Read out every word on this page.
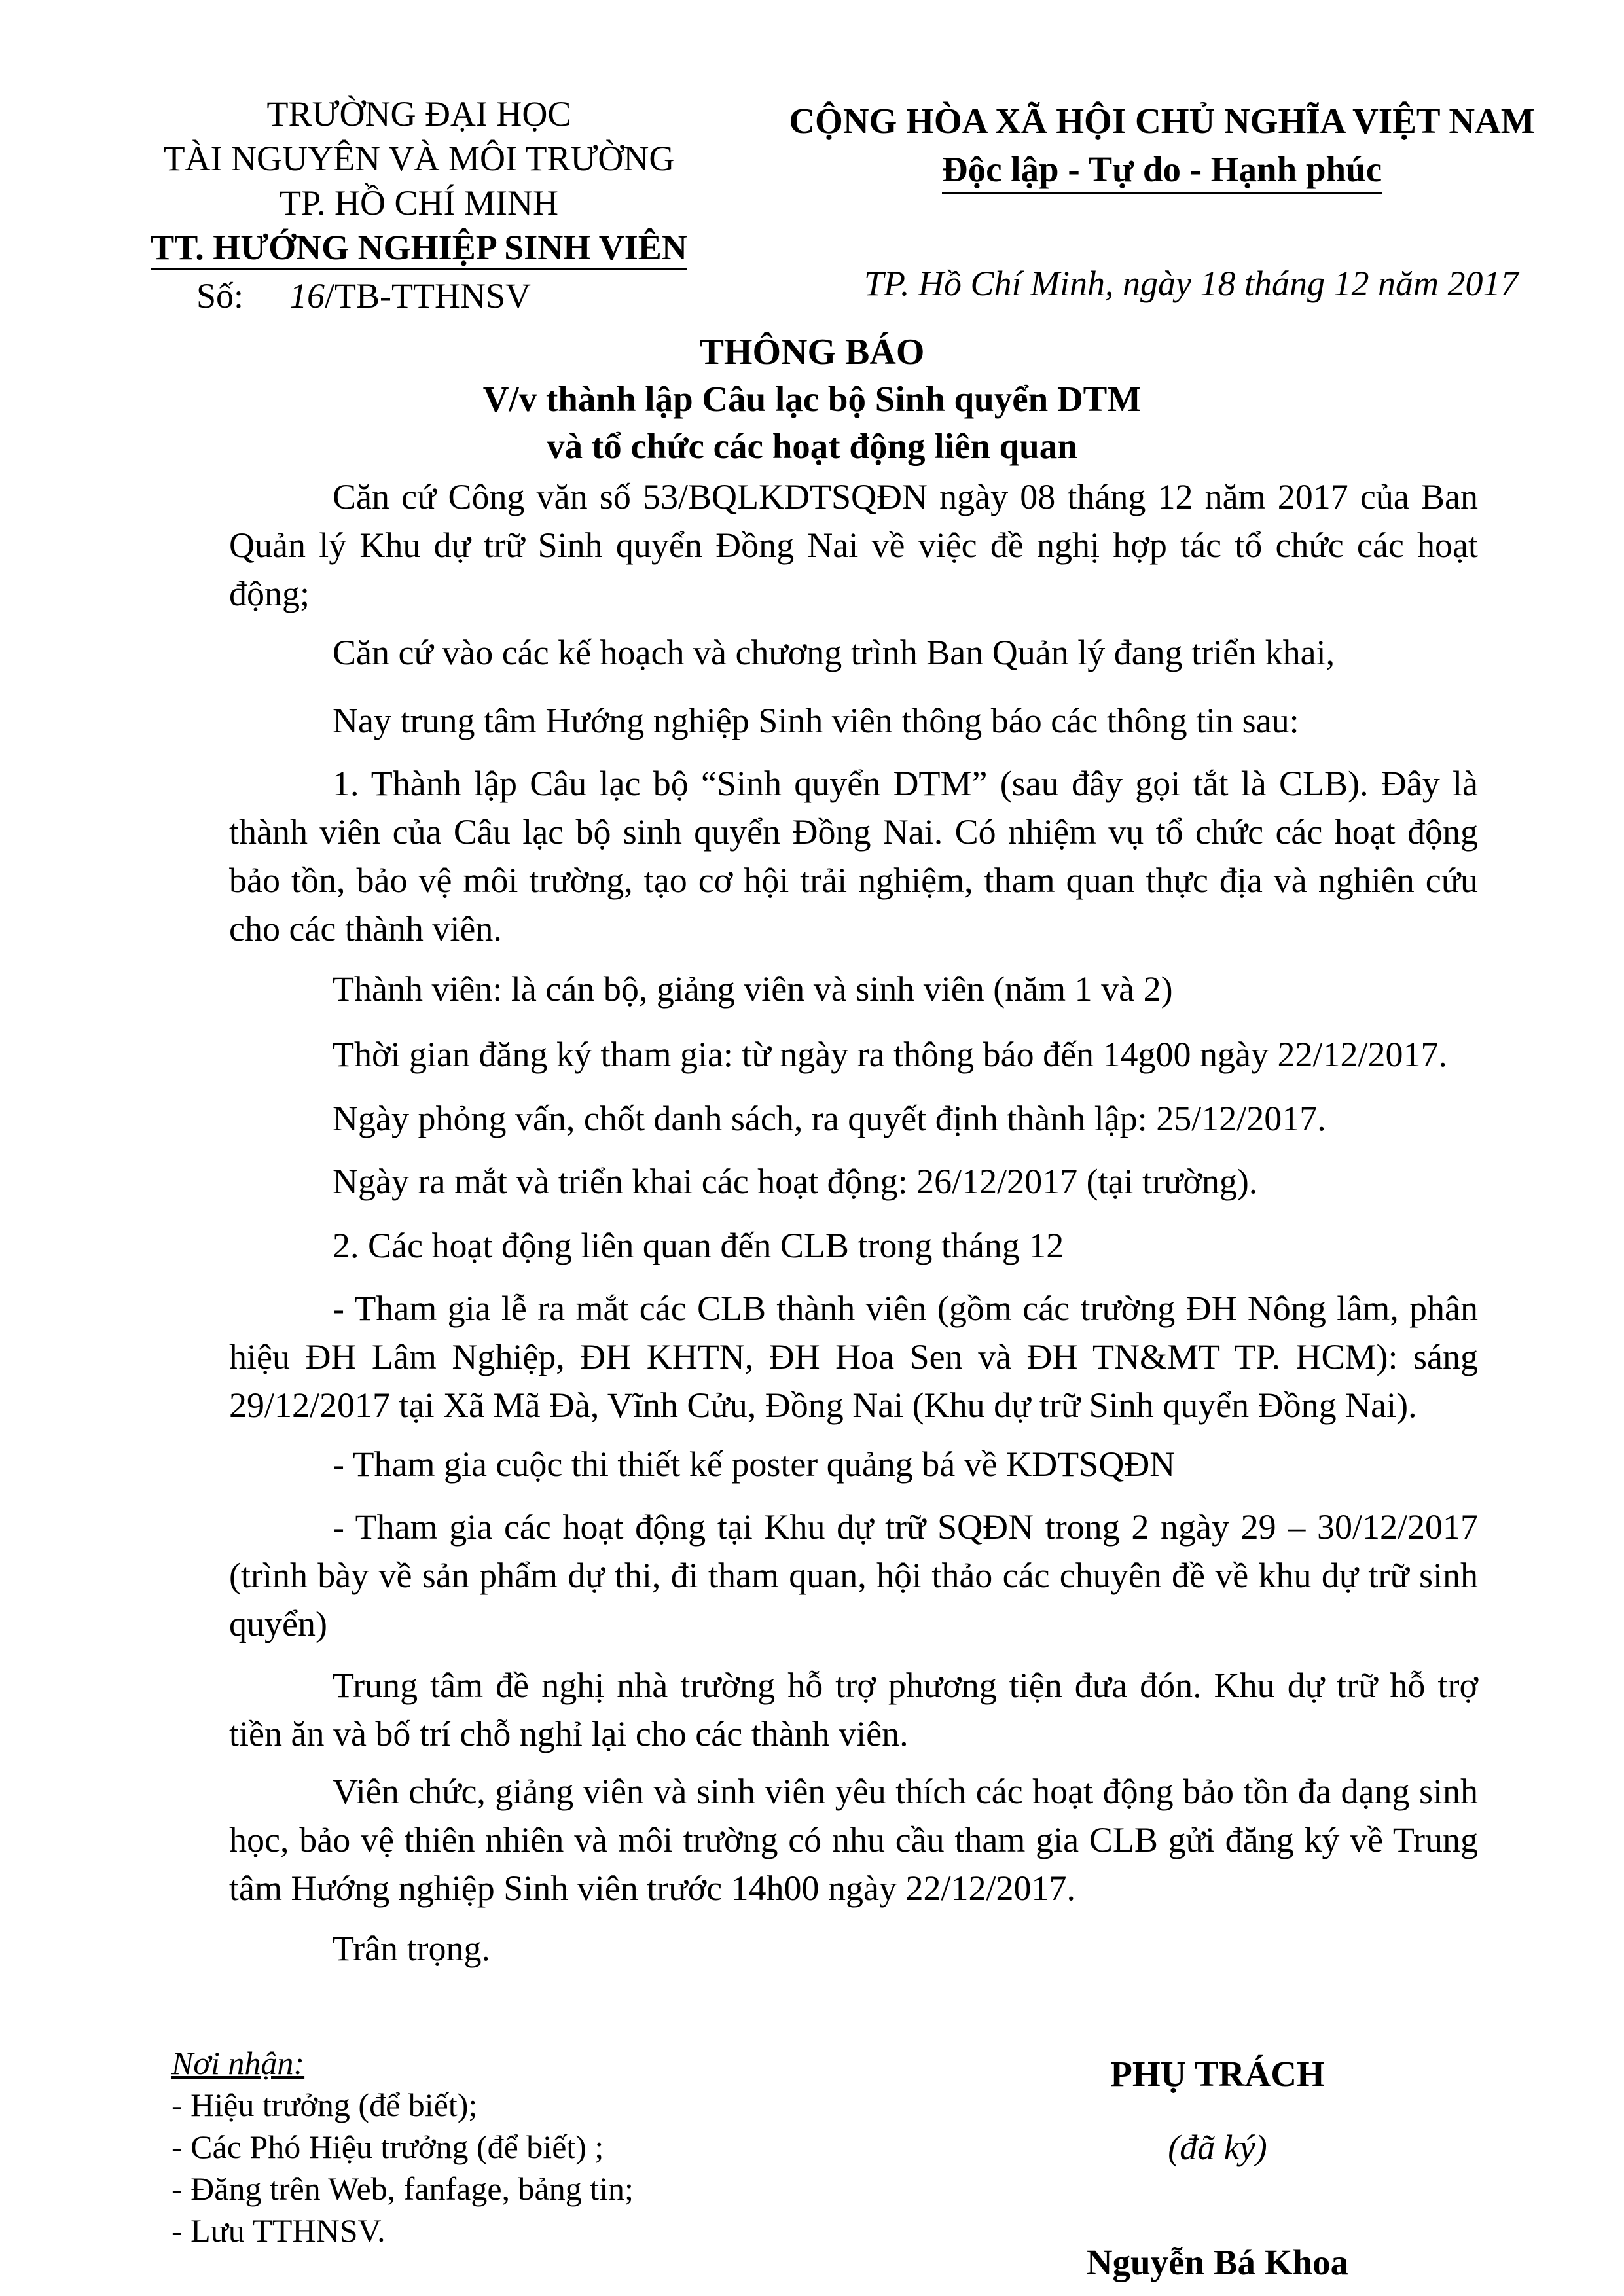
TRƯỜNG ĐẠI HỌC
TÀI NGUYÊN VÀ MÔI TRƯỜNG
TP. HỒ CHÍ MINH
TT. HƯỚNG NGHIỆP SINH VIÊN
Số: 16/TB-TTHNSV
CỘNG HÒA XÃ HỘI CHỦ NGHĨA VIỆT NAM
Độc lập - Tự do - Hạnh phúc
TP. Hồ Chí Minh, ngày 18 tháng 12 năm 2017
THÔNG BÁO
V/v thành lập Câu lạc bộ Sinh quyển DTM
và tổ chức các hoạt động liên quan
Căn cứ Công văn số 53/BQLKDTSQĐN ngày 08 tháng 12 năm 2017 của Ban Quản lý Khu dự trữ Sinh quyển Đồng Nai về việc đề nghị hợp tác tổ chức các hoạt động;
Căn cứ vào các kế hoạch và chương trình Ban Quản lý đang triển khai,
Nay trung tâm Hướng nghiệp Sinh viên thông báo các thông tin sau:
1. Thành lập Câu lạc bộ “Sinh quyển DTM” (sau đây gọi tắt là CLB). Đây là thành viên của Câu lạc bộ sinh quyển Đồng Nai. Có nhiệm vụ tổ chức các hoạt động bảo tồn, bảo vệ môi trường, tạo cơ hội trải nghiệm, tham quan thực địa và nghiên cứu cho các thành viên.
Thành viên: là cán bộ, giảng viên và sinh viên (năm 1 và 2)
Thời gian đăng ký tham gia: từ ngày ra thông báo đến 14g00 ngày 22/12/2017.
Ngày phỏng vấn, chốt danh sách, ra quyết định thành lập: 25/12/2017.
Ngày ra mắt và triển khai các hoạt động: 26/12/2017 (tại trường).
2. Các hoạt động liên quan đến CLB trong tháng 12
- Tham gia lễ ra mắt các CLB thành viên (gồm các trường ĐH Nông lâm, phân hiệu ĐH Lâm Nghiệp, ĐH KHTN, ĐH Hoa Sen và ĐH TN&MT TP. HCM): sáng 29/12/2017 tại Xã Mã Đà, Vĩnh Cửu, Đồng Nai (Khu dự trữ Sinh quyển Đồng Nai).
- Tham gia cuộc thi thiết kế poster quảng bá về KDTSQĐN
- Tham gia các hoạt động tại Khu dự trữ SQĐN trong 2 ngày 29 – 30/12/2017 (trình bày về sản phẩm dự thi, đi tham quan, hội thảo các chuyên đề về khu dự trữ sinh quyển)
Trung tâm đề nghị nhà trường hỗ trợ phương tiện đưa đón. Khu dự trữ hỗ trợ tiền ăn và bố trí chỗ nghỉ lại cho các thành viên.
Viên chức, giảng viên và sinh viên yêu thích các hoạt động bảo tồn đa dạng sinh học, bảo vệ thiên nhiên và môi trường có nhu cầu tham gia CLB gửi đăng ký về Trung tâm Hướng nghiệp Sinh viên trước 14h00 ngày 22/12/2017.
Trân trọng.
Nơi nhận:
- Hiệu trưởng (để biết);
- Các Phó Hiệu trưởng (để biết) ;
- Đăng trên Web, fanfage, bảng tin;
- Lưu TTHNSV.
PHỤ TRÁCH
(đã ký)
Nguyễn Bá Khoa
